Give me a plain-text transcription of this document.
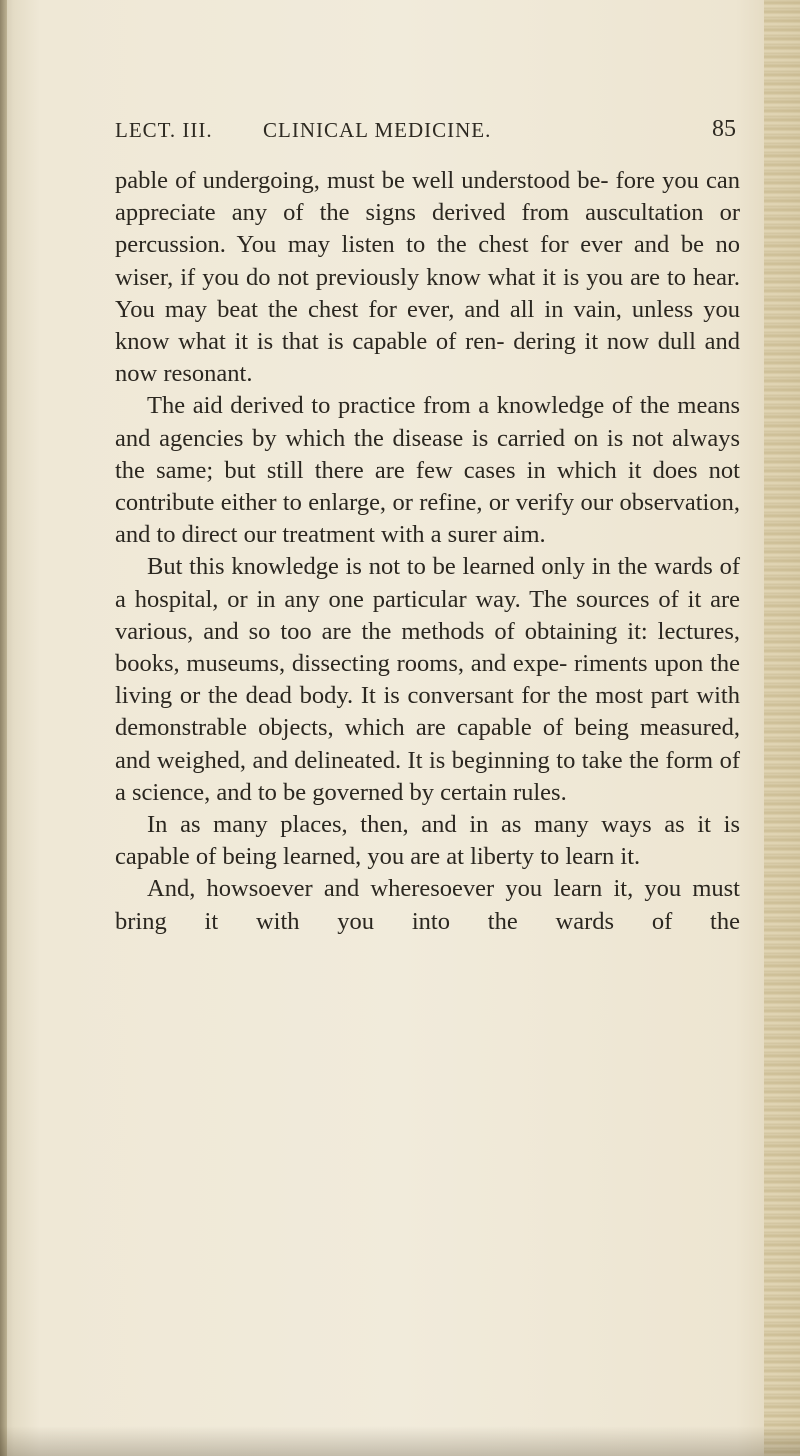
LECT. III. CLINICAL MEDICINE.	85

pable of undergoing, must be well understood be- fore you can appreciate any of the signs derived from auscultation or percussion. You may listen to the chest for ever and be no wiser, if you do not previously know what it is you are to hear. You may beat the chest for ever, and all in vain, unless you know what it is that is capable of ren- dering it now dull and now resonant.

The aid derived to practice from a knowledge of the means and agencies by which the disease is carried on is not always the same; but still there are few cases in which it does not contribute either to enlarge, or refine, or verify our observation, and to direct our treatment with a surer aim.

But this knowledge is not to be learned only in the wards of a hospital, or in any one particular way. The sources of it are various, and so too are the methods of obtaining it: lectures, books, museums, dissecting rooms, and expe- riments upon the living or the dead body. It is conversant for the most part with demonstrable objects, which are capable of being measured, and weighed, and delineated. It is beginning to take the form of a science, and to be governed by certain rules.

In as many places, then, and in as many ways as it is capable of being learned, you are at liberty to learn it.

And, howsoever and wheresoever you learn it, you must bring it with you into the wards of the
